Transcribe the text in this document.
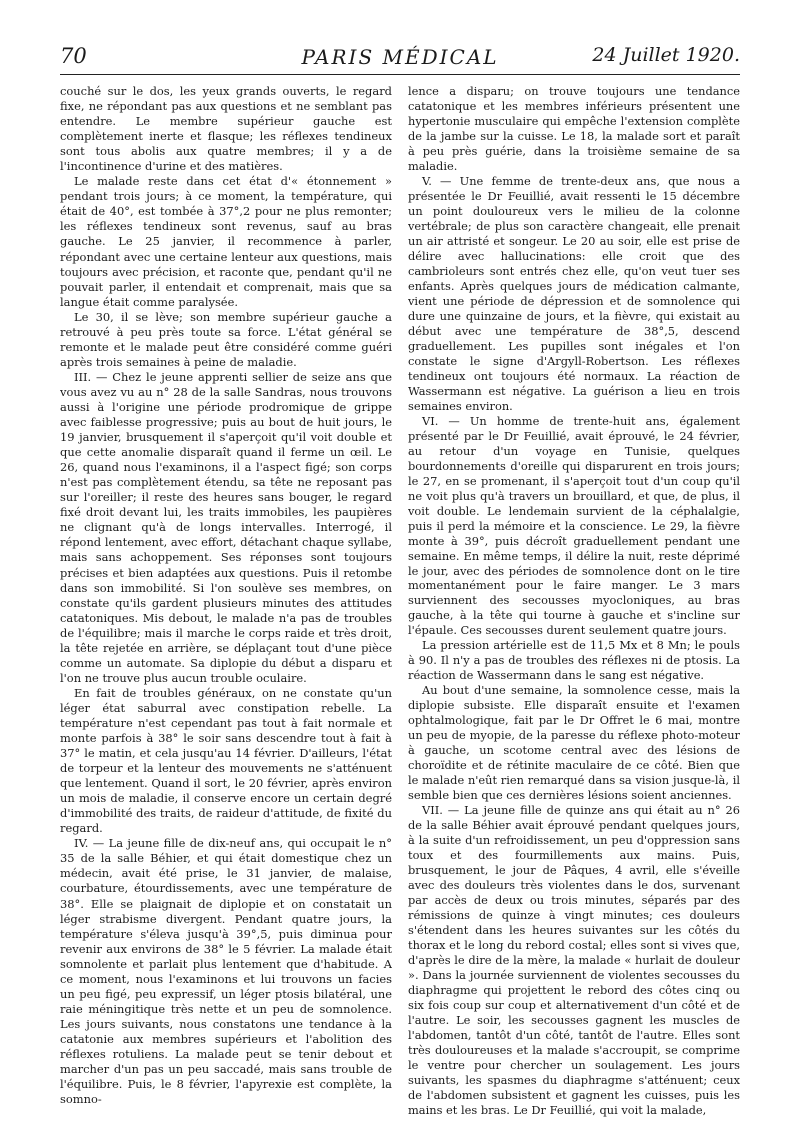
70	PARIS MÉDICAL	24 Juillet 1920.

couché sur le dos, les yeux grands ouverts, le regard fixe, ne répondant pas aux questions et ne semblant pas entendre. Le membre supérieur gauche est complètement inerte et flasque; les réflexes tendineux sont tous abolis aux quatre membres; il y a de l'incontinence d'urine et des matières.

Le malade reste dans cet état d'« étonnement » pendant trois jours; à ce moment, la température, qui était de 40°, est tombée à 37°,2 pour ne plus remonter; les réflexes tendineux sont revenus, sauf au bras gauche. Le 25 janvier, il recommence à parler, répondant avec une certaine lenteur aux questions, mais toujours avec précision, et raconte que, pendant qu'il ne pouvait parler, il entendait et comprenait, mais que sa langue était comme paralysée.

Le 30, il se lève; son membre supérieur gauche a retrouvé à peu près toute sa force. L'état général se remonte et le malade peut être considéré comme guéri après trois semaines à peine de maladie.

III. — Chez le jeune apprenti sellier de seize ans que vous avez vu au n° 28 de la salle Sandras, nous trouvons aussi à l'origine une période prodromique de grippe avec faiblesse progressive; puis au bout de huit jours, le 19 janvier, brusquement il s'aperçoit qu'il voit double et que cette anomalie disparaît quand il ferme un œil. Le 26, quand nous l'examinons, il a l'aspect figé; son corps n'est pas complètement étendu, sa tête ne reposant pas sur l'oreiller; il reste des heures sans bouger, le regard fixé droit devant lui, les traits immobiles, les paupières ne clignant qu'à de longs intervalles. Interrogé, il répond lentement, avec effort, détachant chaque syllabe, mais sans achoppement. Ses réponses sont toujours précises et bien adaptées aux questions. Puis il retombe dans son immobilité. Si l'on soulève ses membres, on constate qu'ils gardent plusieurs minutes des attitudes catatoniques. Mis debout, le malade n'a pas de troubles de l'équilibre; mais il marche le corps raide et très droit, la tête rejetée en arrière, se déplaçant tout d'une pièce comme un automate. Sa diplopie du début a disparu et l'on ne trouve plus aucun trouble oculaire.

En fait de troubles généraux, on ne constate qu'un léger état saburral avec constipation rebelle. La température n'est cependant pas tout à fait normale et monte parfois à 38° le soir sans descendre tout à fait à 37° le matin, et cela jusqu'au 14 février. D'ailleurs, l'état de torpeur et la lenteur des mouvements ne s'atténuent que lentement. Quand il sort, le 20 février, après environ un mois de maladie, il conserve encore un certain degré d'immobilité des traits, de raideur d'attitude, de fixité du regard.

IV. — La jeune fille de dix-neuf ans, qui occupait le n° 35 de la salle Béhier, et qui était domestique chez un médecin, avait été prise, le 31 janvier, de malaise, courbature, étourdissements, avec une température de 38°. Elle se plaignait de diplopie et on constatait un léger strabisme divergent. Pendant quatre jours, la température s'éleva jusqu'à 39°,5, puis diminua pour revenir aux environs de 38° le 5 février. La malade était somnolente et parlait plus lentement que d'habitude. A ce moment, nous l'examinons et lui trouvons un facies un peu figé, peu expressif, un léger ptosis bilatéral, une raie méningitique très nette et un peu de somnolence. Les jours suivants, nous constatons une tendance à la catatonie aux membres supérieurs et l'abolition des réflexes rotuliens. La malade peut se tenir debout et marcher d'un pas un peu saccadé, mais sans trouble de l'équilibre. Puis, le 8 février, l'apyrexie est complète, la somno-

lence a disparu; on trouve toujours une tendance catatonique et les membres inférieurs présentent une hypertonie musculaire qui empêche l'extension complète de la jambe sur la cuisse. Le 18, la malade sort et paraît à peu près guérie, dans la troisième semaine de sa maladie.

V. — Une femme de trente-deux ans, que nous a présentée le Dr Feuillié, avait ressenti le 15 décembre un point douloureux vers le milieu de la colonne vertébrale; de plus son caractère changeait, elle prenait un air attristé et songeur. Le 20 au soir, elle est prise de délire avec hallucinations: elle croit que des cambrioleurs sont entrés chez elle, qu'on veut tuer ses enfants. Après quelques jours de médication calmante, vient une période de dépression et de somnolence qui dure une quinzaine de jours, et la fièvre, qui existait au début avec une température de 38°,5, descend graduellement. Les pupilles sont inégales et l'on constate le signe d'Argyll-Robertson. Les réflexes tendineux ont toujours été normaux. La réaction de Wassermann est négative. La guérison a lieu en trois semaines environ.

VI. — Un homme de trente-huit ans, également présenté par le Dr Feuillié, avait éprouvé, le 24 février, au retour d'un voyage en Tunisie, quelques bourdonnements d'oreille qui disparurent en trois jours; le 27, en se promenant, il s'aperçoit tout d'un coup qu'il ne voit plus qu'à travers un brouillard, et que, de plus, il voit double. Le lendemain survient de la céphalalgie, puis il perd la mémoire et la conscience. Le 29, la fièvre monte à 39°, puis décroît graduellement pendant une semaine. En même temps, il délire la nuit, reste déprimé le jour, avec des périodes de somnolence dont on le tire momentanément pour le faire manger. Le 3 mars surviennent des secousses myocloniques, au bras gauche, à la tête qui tourne à gauche et s'incline sur l'épaule. Ces secousses durent seulement quatre jours.

La pression artérielle est de 11,5 Mx et 8 Mn; le pouls à 90. Il n'y a pas de troubles des réflexes ni de ptosis. La réaction de Wassermann dans le sang est négative.

Au bout d'une semaine, la somnolence cesse, mais la diplopie subsiste. Elle disparaît ensuite et l'examen ophtalmologique, fait par le Dr Offret le 6 mai, montre un peu de myopie, de la paresse du réflexe photo-moteur à gauche, un scotome central avec des lésions de choroïdite et de rétinite maculaire de ce côté. Bien que le malade n'eût rien remarqué dans sa vision jusque-là, il semble bien que ces dernières lésions soient anciennes.

VII. — La jeune fille de quinze ans qui était au n° 26 de la salle Béhier avait éprouvé pendant quelques jours, à la suite d'un refroidissement, un peu d'oppression sans toux et des fourmillements aux mains. Puis, brusquement, le jour de Pâques, 4 avril, elle s'éveille avec des douleurs très violentes dans le dos, survenant par accès de deux ou trois minutes, séparés par des rémissions de quinze à vingt minutes; ces douleurs s'étendent dans les heures suivantes sur les côtés du thorax et le long du rebord costal; elles sont si vives que, d'après le dire de la mère, la malade « hurlait de douleur ». Dans la journée surviennent de violentes secousses du diaphragme qui projettent le rebord des côtes cinq ou six fois coup sur coup et alternativement d'un côté et de l'autre. Le soir, les secousses gagnent les muscles de l'abdomen, tantôt d'un côté, tantôt de l'autre. Elles sont très douloureuses et la malade s'accroupit, se comprime le ventre pour chercher un soulagement. Les jours suivants, les spasmes du diaphragme s'atténuent; ceux de l'abdomen subsistent et gagnent les cuisses, puis les mains et les bras. Le Dr Feuillié, qui voit la malade,
